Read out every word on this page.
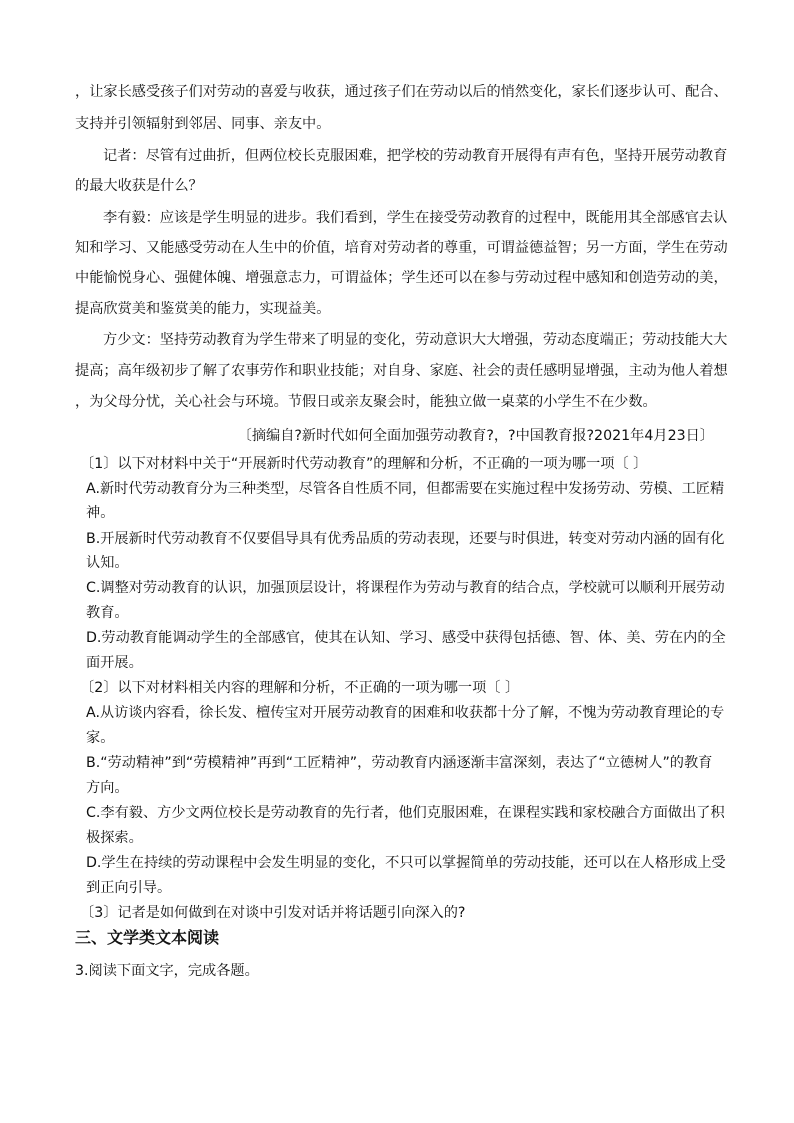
，让家长感受孩子们对劳动的喜爱与收获，通过孩子们在劳动以后的悄然变化，家长们逐步认可、配合、

支持并引领辐射到邻居、同事、亲友中。

记者：尽管有过曲折，但两位校长克服困难，把学校的劳动教育开展得有声有色，坚持开展劳动教育

的最大收获是什么？

李有毅：应该是学生明显的进步。我们看到，学生在接受劳动教育的过程中，既能用其全部感官去认

知和学习、又能感受劳动在人生中的价值，培育对劳动者的尊重，可谓益德益智；另一方面，学生在劳动

中能愉悦身心、强健体魄、增强意志力，可谓益体；学生还可以在参与劳动过程中感知和创造劳动的美，

提高欣赏美和鉴赏美的能力，实现益美。

方少文：坚持劳动教育为学生带来了明显的变化，劳动意识大大增强，劳动态度端正；劳动技能大大

提高；高年级初步了解了农事劳作和职业技能；对自身、家庭、社会的责任感明显增强，主动为他人着想

，为父母分忧，关心社会与环境。节假日或亲友聚会时，能独立做一桌菜的小学生不在少数。

〔摘编自?新时代如何全面加强劳动教育?，?中国教育报?2021年4月23日〕

〔1〕以下对材料中关于“开展新时代劳动教育”的理解和分析，不正确的一项为哪一项〔 〕

A.新时代劳动教育分为三种类型，尽管各自性质不同，但都需要在实施过程中发扬劳动、劳模、工匠精

神。

B.开展新时代劳动教育不仅要倡导具有优秀品质的劳动表现，还要与时俱进，转变对劳动内涵的固有化

认知。

C.调整对劳动教育的认识，加强顶层设计，将课程作为劳动与教育的结合点，学校就可以顺利开展劳动

教育。

D.劳动教育能调动学生的全部感官，使其在认知、学习、感受中获得包括德、智、体、美、劳在内的全

面开展。

〔2〕以下对材料相关内容的理解和分析，不正确的一项为哪一项〔 〕

A.从访谈内容看，徐长发、檀传宝对开展劳动教育的困难和收获都十分了解，不愧为劳动教育理论的专

家。

B.“劳动精神”到“劳模精神”再到“工匠精神”，劳动教育内涵逐渐丰富深刻，表达了“立德树人”的教育

方向。

C.李有毅、方少文两位校长是劳动教育的先行者，他们克服困难，在课程实践和家校融合方面做出了积

极探索。

D.学生在持续的劳动课程中会发生明显的变化，不只可以掌握简单的劳动技能，还可以在人格形成上受

到正向引导。

〔3〕记者是如何做到在对谈中引发对话并将话题引向深入的?

三、文学类文本阅读

3.阅读下面文字，完成各题。
